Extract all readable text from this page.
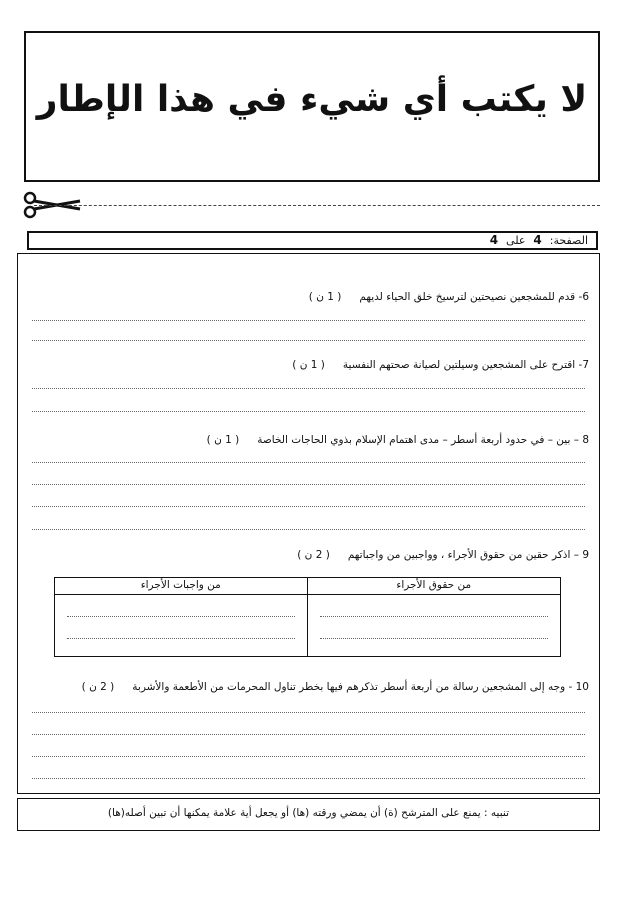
لا يكتب أي شيء في هذا الإطار
الصفحة:
4
على
4
6- قدم للمشجعين نصيحتين لترسيخ خلق الحياء لديهم( 1 ن )
7- اقترح على المشجعين وسيلتين لصيانة صحتهم النفسية( 1 ن )
8 – بين – في حدود أربعة أسطر – مدى اهتمام الإسلام بذوي الحاجات الخاصة( 1 ن )
9 – اذكر حقين من حقوق الأجراء ، وواجبين من واجباتهم( 2 ن )
من حقوق الأجراء
من واجبات الأجراء
10 - وجه إلى المشجعين رسالة من أربعة أسطر تذكرهم فيها بخطر تناول المحرمات من الأطعمة والأشربة( 2 ن )
تنبيه : يمنع على المترشح (ة) أن يمضي ورقته (ها) أو يجعل أية علامة يمكنها أن تبين أصله(ها)
